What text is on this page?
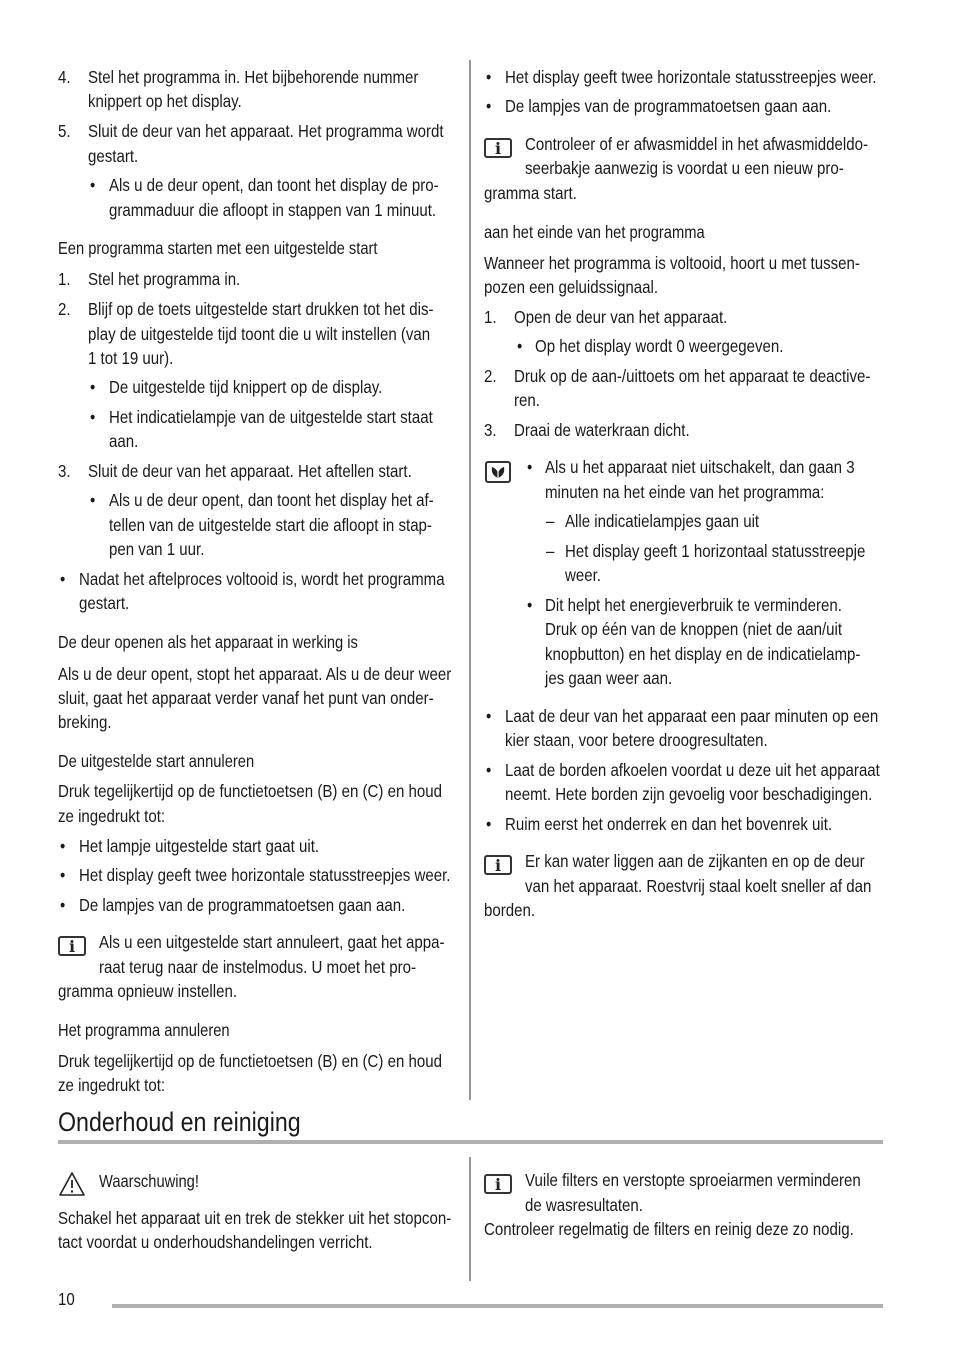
4. Stel het programma in. Het bijbehorende nummer
knippert op het display.
5. Sluit de deur van het apparaat. Het programma wordt
gestart.
• Als u de deur opent, dan toont het display de pro-
grammaduur die afloopt in stappen van 1 minuut.
Een programma starten met een uitgestelde start
1. Stel het programma in.
2. Blijf op de toets uitgestelde start drukken tot het dis-
play de uitgestelde tijd toont die u wilt instellen (van
1 tot 19 uur).
• De uitgestelde tijd knippert op de display.
• Het indicatielampje van de uitgestelde start staat
aan.
3. Sluit de deur van het apparaat. Het aftellen start.
• Als u de deur opent, dan toont het display het af-
tellen van de uitgestelde start die afloopt in stap-
pen van 1 uur.
• Nadat het aftelproces voltooid is, wordt het programma
gestart.
De deur openen als het apparaat in werking is
Als u de deur opent, stopt het apparaat. Als u de deur weer
sluit, gaat het apparaat verder vanaf het punt van onder-
breking.
De uitgestelde start annuleren
Druk tegelijkertijd op de functietoetsen (B) en (C) en houd
ze ingedrukt tot:
• Het lampje uitgestelde start gaat uit.
• Het display geeft twee horizontale statusstreepjes weer.
• De lampjes van de programmatoetsen gaan aan.
i	Als u een uitgestelde start annuleert, gaat het appa-
raat terug naar de instelmodus. U moet het pro-
gramma opnieuw instellen.
Het programma annuleren
Druk tegelijkertijd op de functietoetsen (B) en (C) en houd
ze ingedrukt tot:
• Het display geeft twee horizontale statusstreepjes weer.
• De lampjes van de programmatoetsen gaan aan.
i	Controleer of er afwasmiddel in het afwasmiddeldo-
seerbakje aanwezig is voordat u een nieuw pro-
gramma start.
aan het einde van het programma
Wanneer het programma is voltooid, hoort u met tussen-
pozen een geluidssignaal.
1. Open de deur van het apparaat.
• Op het display wordt 0 weergegeven.
2. Druk op de aan-/uittoets om het apparaat te deactive-
ren.
3. Draai de waterkraan dicht.
• Als u het apparaat niet uitschakelt, dan gaan 3
minuten na het einde van het programma:
– Alle indicatielampjes gaan uit
– Het display geeft 1 horizontaal statusstreepje
weer.
• Dit helpt het energieverbruik te verminderen.
Druk op één van de knoppen (niet de aan/uit
knopbutton) en het display en de indicatielamp-
jes gaan weer aan.
• Laat de deur van het apparaat een paar minuten op een
kier staan, voor betere droogresultaten.
• Laat de borden afkoelen voordat u deze uit het apparaat
neemt. Hete borden zijn gevoelig voor beschadigingen.
• Ruim eerst het onderrek en dan het bovenrek uit.
i	Er kan water liggen aan de zijkanten en op de deur
van het apparaat. Roestvrij staal koelt sneller af dan
borden.
Onderhoud en reiniging
Waarschuwing!
Schakel het apparaat uit en trek de stekker uit het stopcon-
tact voordat u onderhoudshandelingen verricht.
i	Vuile filters en verstopte sproeiarmen verminderen
de wasresultaten.
Controleer regelmatig de filters en reinig deze zo nodig.
10
